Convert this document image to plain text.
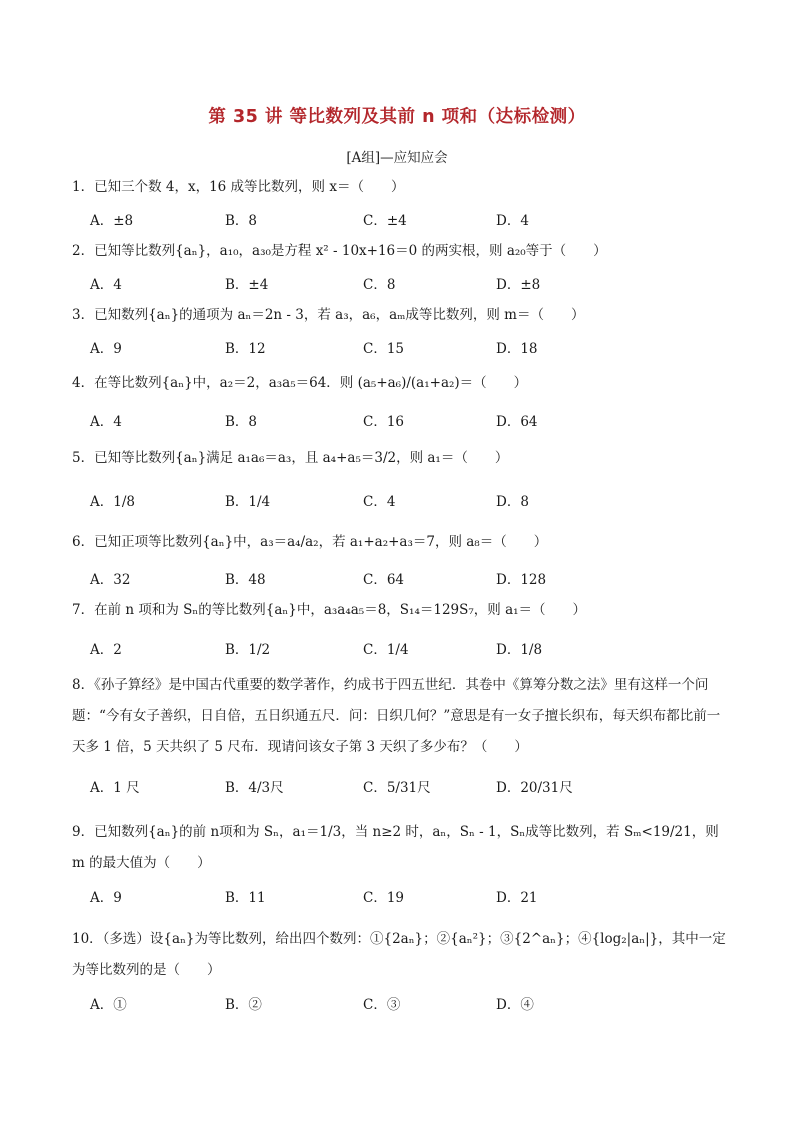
第 35 讲 等比数列及其前 n 项和（达标检测）
[A组]—应知应会
1．已知三个数 4，x，16 成等比数列，则 x＝（　　）
A．±8	B．8	C．±4	D．4
2．已知等比数列{aₙ}，a₁₀，a₃₀是方程 x² - 10x+16＝0 的两实根，则 a₂₀等于（　　）
A．4	B．±4	C．8	D．±8
3．已知数列{aₙ}的通项为 aₙ＝2n - 3，若 a₃，a₆，aₘ成等比数列，则 m＝（　　）
A．9	B．12	C．15	D．18
4．在等比数列{aₙ}中，a₂＝2，a₃a₅＝64．则 (a₅+a₆)/(a₁+a₂)＝（　　）
A．4	B．8	C．16	D．64
5．已知等比数列{aₙ}满足 a₁a₆＝a₃，且 a₄+a₅＝3/2，则 a₁＝（　　）
A．1/8	B．1/4	C．4	D．8
6．已知正项等比数列{aₙ}中，a₃＝a₄/a₂，若 a₁+a₂+a₃＝7，则 a₈＝（　　）
A．32	B．48	C．64	D．128
7．在前 n 项和为 Sₙ的等比数列{aₙ}中，a₃a₄a₅＝8，S₁₄＝129S₇，则 a₁＝（　　）
A．2	B．1/2	C．1/4	D．1/8
8．《孙子算经》是中国古代重要的数学著作，约成书于四五世纪．其卷中《算筹分数之法》里有这样一个问题：“今有女子善织，日自倍，五日织通五尺．问：日织几何？”意思是有一女子擅长织布，每天织布都比前一天多 1 倍，5 天共织了 5 尺布．现请问该女子第 3 天织了多少布？（　　）
A．1 尺	B．4/3尺	C．5/31尺	D．20/31尺
9．已知数列{aₙ}的前 n项和为 Sₙ，a₁＝1/3，当 n≥2 时，aₙ，Sₙ - 1，Sₙ成等比数列，若 Sₘ<19/21，则 m 的最大值为（　　）
A．9	B．11	C．19	D．21
10．（多选）设{aₙ}为等比数列，给出四个数列：①{2aₙ}；②{aₙ²}；③{2^aₙ}；④{log₂|aₙ|}，其中一定为等比数列的是（　　）
A．①	B．②	C．③	D．④
